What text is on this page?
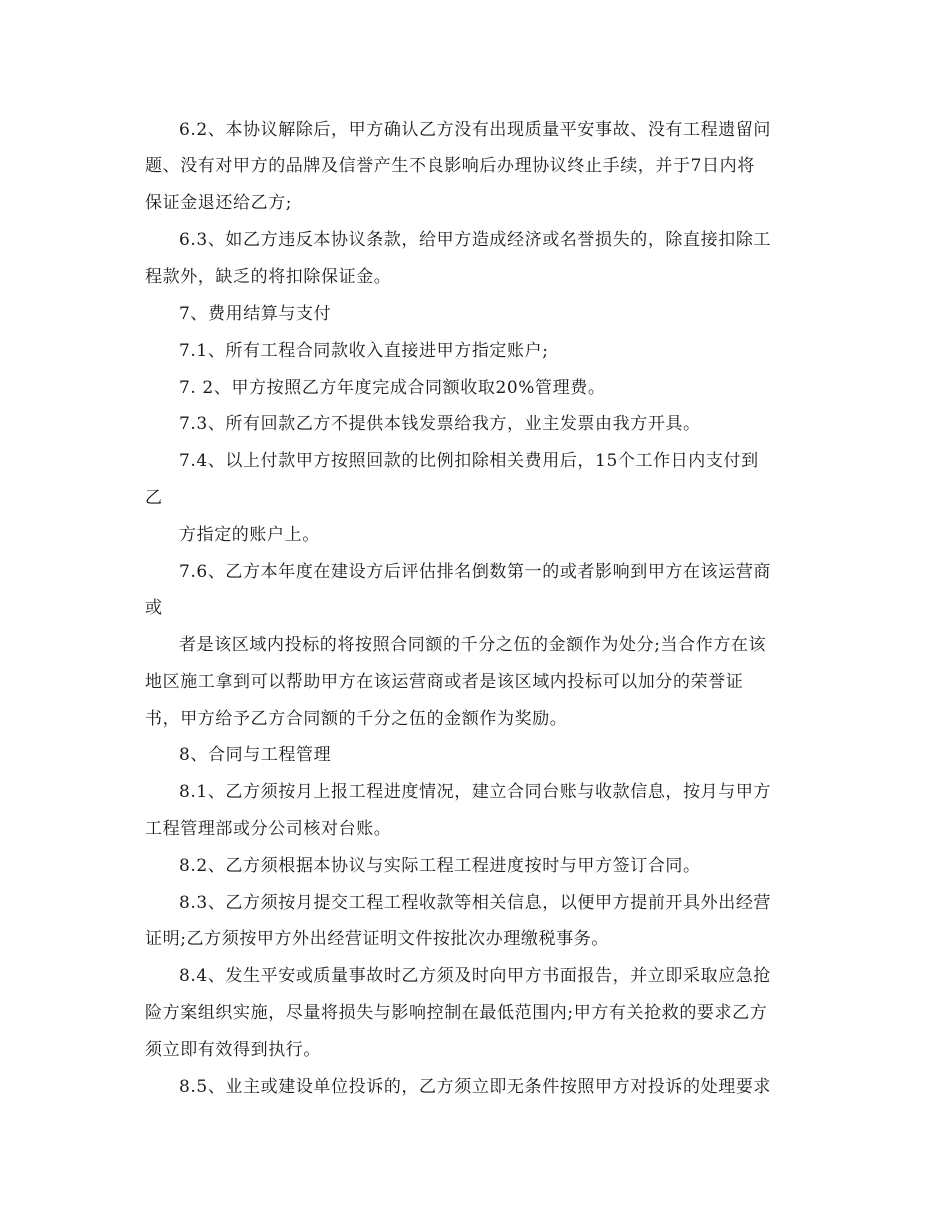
6.2、本协议解除后，甲方确认乙方没有出现质量平安事故、没有工程遗留问
题、没有对甲方的品牌及信誉产生不良影响后办理协议终止手续，并于7日内将
保证金退还给乙方;
6.3、如乙方违反本协议条款，给甲方造成经济或名誉损失的，除直接扣除工
程款外，缺乏的将扣除保证金。
7、费用结算与支付
7.1、所有工程合同款收入直接进甲方指定账户;
7. 2、甲方按照乙方年度完成合同额收取20%管理费。
7.3、所有回款乙方不提供本钱发票给我方，业主发票由我方开具。
7.4、以上付款甲方按照回款的比例扣除相关费用后，15个工作日内支付到
乙
方指定的账户上。
7.6、乙方本年度在建设方后评估排名倒数第一的或者影响到甲方在该运营商
或
者是该区域内投标的将按照合同额的千分之伍的金额作为处分;当合作方在该
地区施工拿到可以帮助甲方在该运营商或者是该区域内投标可以加分的荣誉证
书，甲方给予乙方合同额的千分之伍的金额作为奖励。
8、合同与工程管理
8.1、乙方须按月上报工程进度情况，建立合同台账与收款信息，按月与甲方
工程管理部或分公司核对台账。
8.2、乙方须根据本协议与实际工程工程进度按时与甲方签订合同。
8.3、乙方须按月提交工程工程收款等相关信息，以便甲方提前开具外出经营
证明;乙方须按甲方外出经营证明文件按批次办理缴税事务。
8.4、发生平安或质量事故时乙方须及时向甲方书面报告，并立即采取应急抢
险方案组织实施，尽量将损失与影响控制在最低范围内;甲方有关抢救的要求乙方
须立即有效得到执行。
8.5、业主或建设单位投诉的，乙方须立即无条件按照甲方对投诉的处理要求
